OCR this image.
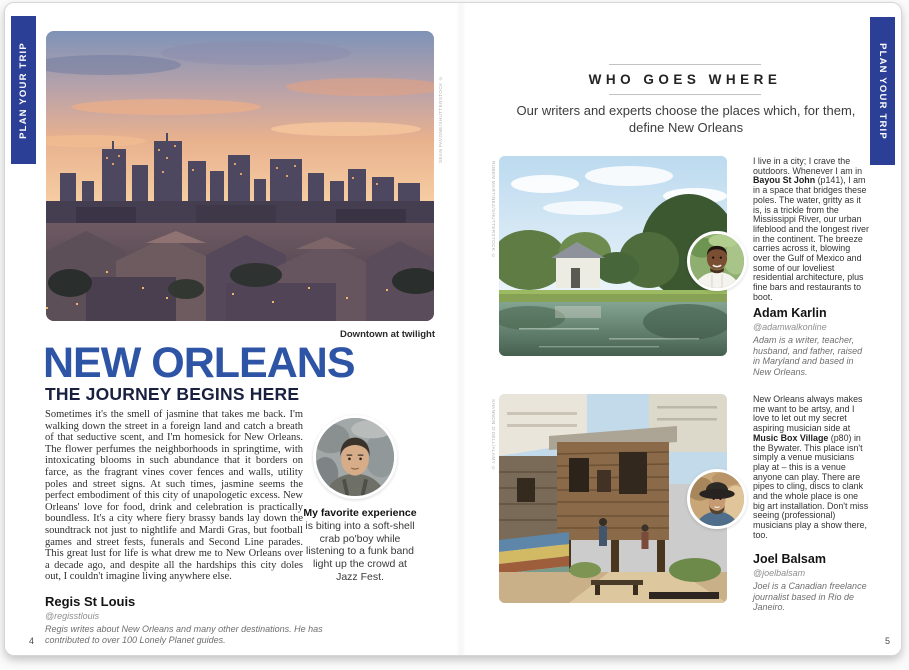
PLAN YOUR TRIP	SEAN PAVONE/SHUTTERSTOCK ©
Downtown at twilight
NEW ORLEANS
THE JOURNEY BEGINS HERE
Sometimes it's the smell of jasmine that takes me back. I'm walking down the street in a foreign land and catch a breath of that seductive scent, and I'm homesick for New Orleans. The flower perfumes the neighborhoods in springtime, with intoxicating blooms in such abundance that it borders on farce, as the fragrant vines cover fences and walls, utility poles and street signs. At such times, jasmine seems the perfect embodiment of this city of unapologetic excess. New Orleans' love for food, drink and celebration is practically boundless. It's a city where fiery brassy bands lay down the soundtrack not just to nightlife and Mardi Gras, but football games and street fests, funerals and Second Line parades. This great lust for life is what drew me to New Orleans over a decade ago, and despite all the hardships this city doles out, I couldn't imagine living anywhere else.
Regis St Louis
@regisstlouis
Regis writes about New Orleans and many other destinations. He has contributed to over 100 Lonely Planet guides.
My favorite experience is biting into a soft-shell crab po'boy while listening to a funk band light up the crowd at Jazz Fest.
4
PLAN YOUR TRIP
WHO GOES WHERE
Our writers and experts choose the places which, for them, define New Orleans
RUBEN MARTINEZ/SHUTTERSTOCK ©	I live in a city; I crave the outdoors. Whenever I am in Bayou St John (p141), I am in a space that bridges these poles. The water, gritty as it is, is a trickle from the Mississippi River, our urban lifeblood and the longest river in the continent. The breeze carries across it, blowing over the Gulf of Mexico and some of our loveliest residential architecture, plus fine bars and restaurants to boot.
Adam Karlin
@adamwalkonline
Adam is a writer, teacher, husband, and father, raised in Maryland and based in New Orleans.
SHANNON O'DELL/ALAMY ©	New Orleans always makes me want to be artsy, and I love to let out my secret aspiring musician side at Music Box Village (p80) in the Bywater. This place isn't simply a venue musicians play at – this is a venue anyone can play. There are pipes to cling, discs to clank and the whole place is one big art installation. Don't miss seeing (professional) musicians play a show there, too.
Joel Balsam
@joelbalsam
Joel is a Canadian freelance journalist based in Rio de Janeiro.
5
